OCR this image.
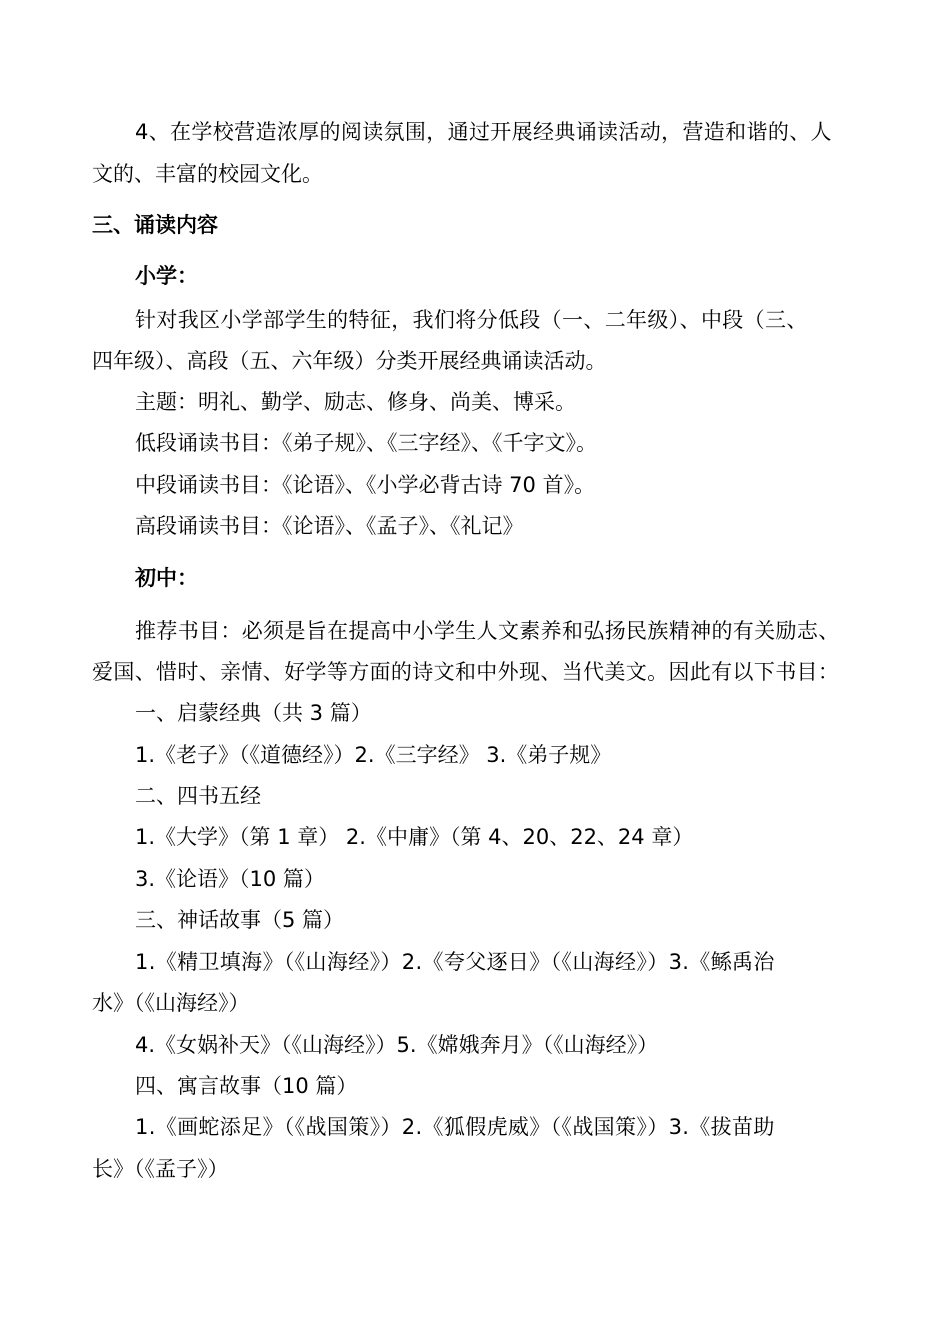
4、在学校营造浓厚的阅读氛围，通过开展经典诵读活动，营造和谐的、人
文的、丰富的校园文化。
三、诵读内容
小学：
针对我区小学部学生的特征，我们将分低段（一、二年级）、中段（三、
四年级）、高段（五、六年级）分类开展经典诵读活动。
主题：明礼、勤学、励志、修身、尚美、博采。
低段诵读书目：《弟子规》、《三字经》、《千字文》。
中段诵读书目：《论语》、《小学必背古诗 70 首》。
高段诵读书目：《论语》、《孟子》、《礼记》
初中：
推荐书目：必须是旨在提高中小学生人文素养和弘扬民族精神的有关励志、
爱国、惜时、亲情、好学等方面的诗文和中外现、当代美文。因此有以下书目：
一、启蒙经典（共 3 篇）
1.《老子》（《道德经》）2.《三字经》 3.《弟子规》
二、四书五经
1.《大学》（第 1 章） 2.《中庸》（第 4、20、22、24 章）
3.《论语》（10 篇）
三、神话故事（5 篇）
1.《精卫填海》（《山海经》）2.《夸父逐日》（《山海经》）3.《鲧禹治
水》（《山海经》）
4.《女娲补天》（《山海经》）5.《嫦娥奔月》（《山海经》）
四、寓言故事（10 篇）
1.《画蛇添足》（《战国策》）2.《狐假虎威》（《战国策》）3.《拔苗助
长》（《孟子》）
